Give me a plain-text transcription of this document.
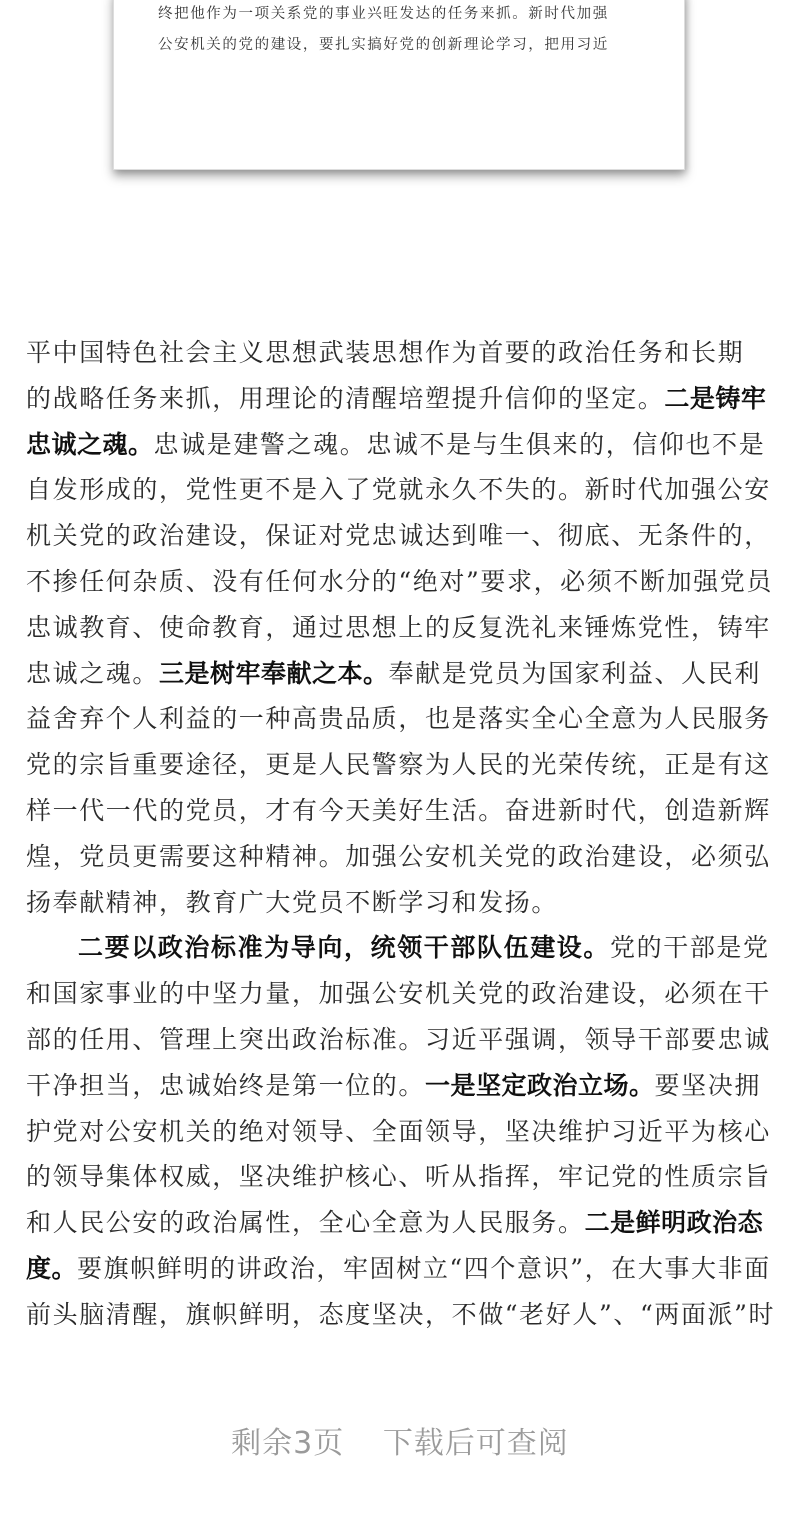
终把他作为一项关系党的事业兴旺发达的任务来抓。新时代加强
公安机关的党的建设，要扎实搞好党的创新理论学习，把用习近
平中国特色社会主义思想武装思想作为首要的政治任务和长期
的战略任务来抓，用理论的清醒培塑提升信仰的坚定。二是铸牢
忠诚之魂。忠诚是建警之魂。忠诚不是与生俱来的，信仰也不是
自发形成的，党性更不是入了党就永久不失的。新时代加强公安
机关党的政治建设，保证对党忠诚达到唯一、彻底、无条件的，
不掺任何杂质、没有任何水分的“绝对”要求，必须不断加强党员
忠诚教育、使命教育，通过思想上的反复洗礼来锤炼党性，铸牢
忠诚之魂。三是树牢奉献之本。奉献是党员为国家利益、人民利
益舍弃个人利益的一种高贵品质，也是落实全心全意为人民服务
党的宗旨重要途径，更是人民警察为人民的光荣传统，正是有这
样一代一代的党员，才有今天美好生活。奋进新时代，创造新辉
煌，党员更需要这种精神。加强公安机关党的政治建设，必须弘
扬奉献精神，教育广大党员不断学习和发扬。
二要以政治标准为导向，统领干部队伍建设。党的干部是党
和国家事业的中坚力量，加强公安机关党的政治建设，必须在干
部的任用、管理上突出政治标准。习近平强调，领导干部要忠诚
干净担当，忠诚始终是第一位的。一是坚定政治立场。要坚决拥
护党对公安机关的绝对领导、全面领导，坚决维护习近平为核心
的领导集体权威，坚决维护核心、听从指挥，牢记党的性质宗旨
和人民公安的政治属性，全心全意为人民服务。二是鲜明政治态
度。要旗帜鲜明的讲政治，牢固树立“四个意识”，在大事大非面
前头脑清醒，旗帜鲜明，态度坚决，不做“老好人”、“两面派”时
剩余3页 下载后可查阅
